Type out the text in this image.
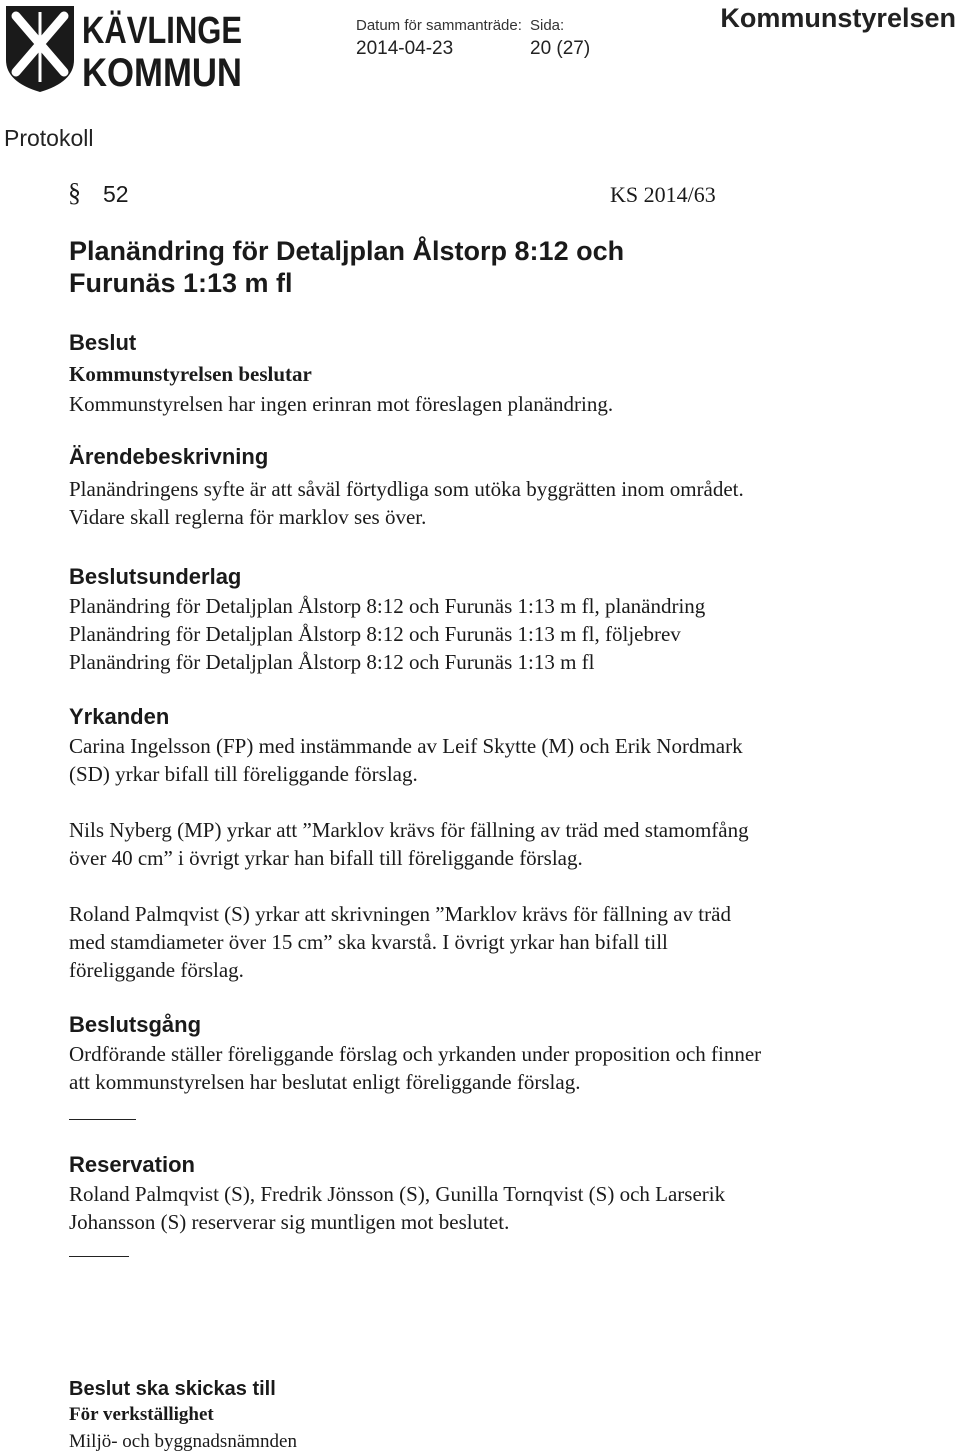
KÄVLINGE
KOMMUN
Datum för sammanträde:
2014-04-23
Sida:
20 (27)
Kommunstyrelsen
Protokoll
§ 52	KS 2014/63
Planändring för Detaljplan Ålstorp 8:12 och
Furunäs 1:13 m fl
Beslut
Kommunstyrelsen beslutar
Kommunstyrelsen har ingen erinran mot föreslagen planändring.
Ärendebeskrivning
Planändringens syfte är att såväl förtydliga som utöka byggrätten inom området.
Vidare skall reglerna för marklov ses över.
Beslutsunderlag
Planändring för Detaljplan Ålstorp 8:12 och Furunäs 1:13 m fl, planändring
Planändring för Detaljplan Ålstorp 8:12 och Furunäs 1:13 m fl, följebrev
Planändring för Detaljplan Ålstorp 8:12 och Furunäs 1:13 m fl
Yrkanden
Carina Ingelsson (FP) med instämmande av Leif Skytte (M) och Erik Nordmark
(SD) yrkar bifall till föreliggande förslag.
Nils Nyberg (MP) yrkar att ”Marklov krävs för fällning av träd med stamomfång
över 40 cm” i övrigt yrkar han bifall till föreliggande förslag.
Roland Palmqvist (S) yrkar att skrivningen ”Marklov krävs för fällning av träd
med stamdiameter över 15 cm” ska kvarstå. I övrigt yrkar han bifall till
föreliggande förslag.
Beslutsgång
Ordförande ställer föreliggande förslag och yrkanden under proposition och finner
att kommunstyrelsen har beslutat enligt föreliggande förslag.
Reservation
Roland Palmqvist (S), Fredrik Jönsson (S), Gunilla Tornqvist (S) och Larserik
Johansson (S) reserverar sig muntligen mot beslutet.
Beslut ska skickas till
För verkställighet
Miljö- och byggnadsnämnden
